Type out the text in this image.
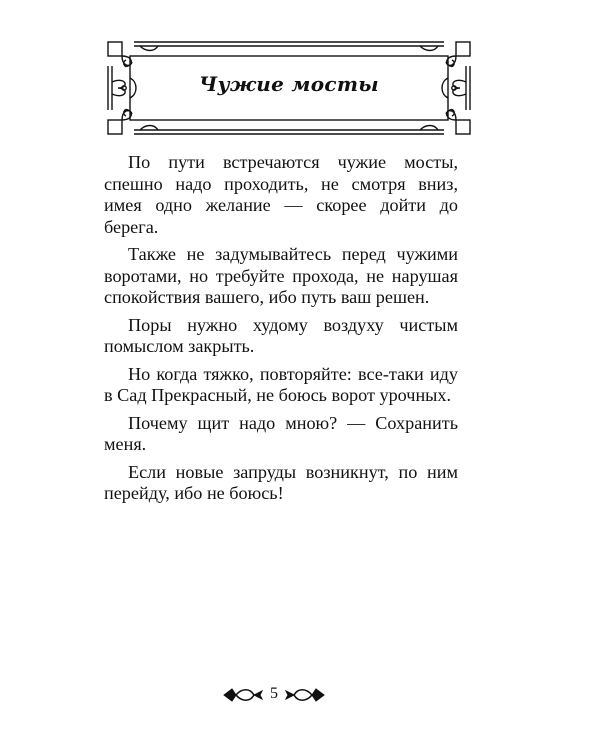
Чужие мосты

По пути встречаются чужие мосты, спешно надо проходить, не смотря вниз, имея одно желание — скорее дойти до берега.

Также не задумывайтесь перед чужими воротами, но требуйте прохода, не нарушая спокойствия вашего, ибо путь ваш решен.

Поры нужно худому воздуху чистым помыслом закрыть.

Но когда тяжко, повторяйте: все-таки иду в Сад Прекрасный, не боюсь ворот урочных.

Почему щит надо мною? — Сохранить меня.

Если новые запруды возникнут, по ним перейду, ибо не боюсь!

5
